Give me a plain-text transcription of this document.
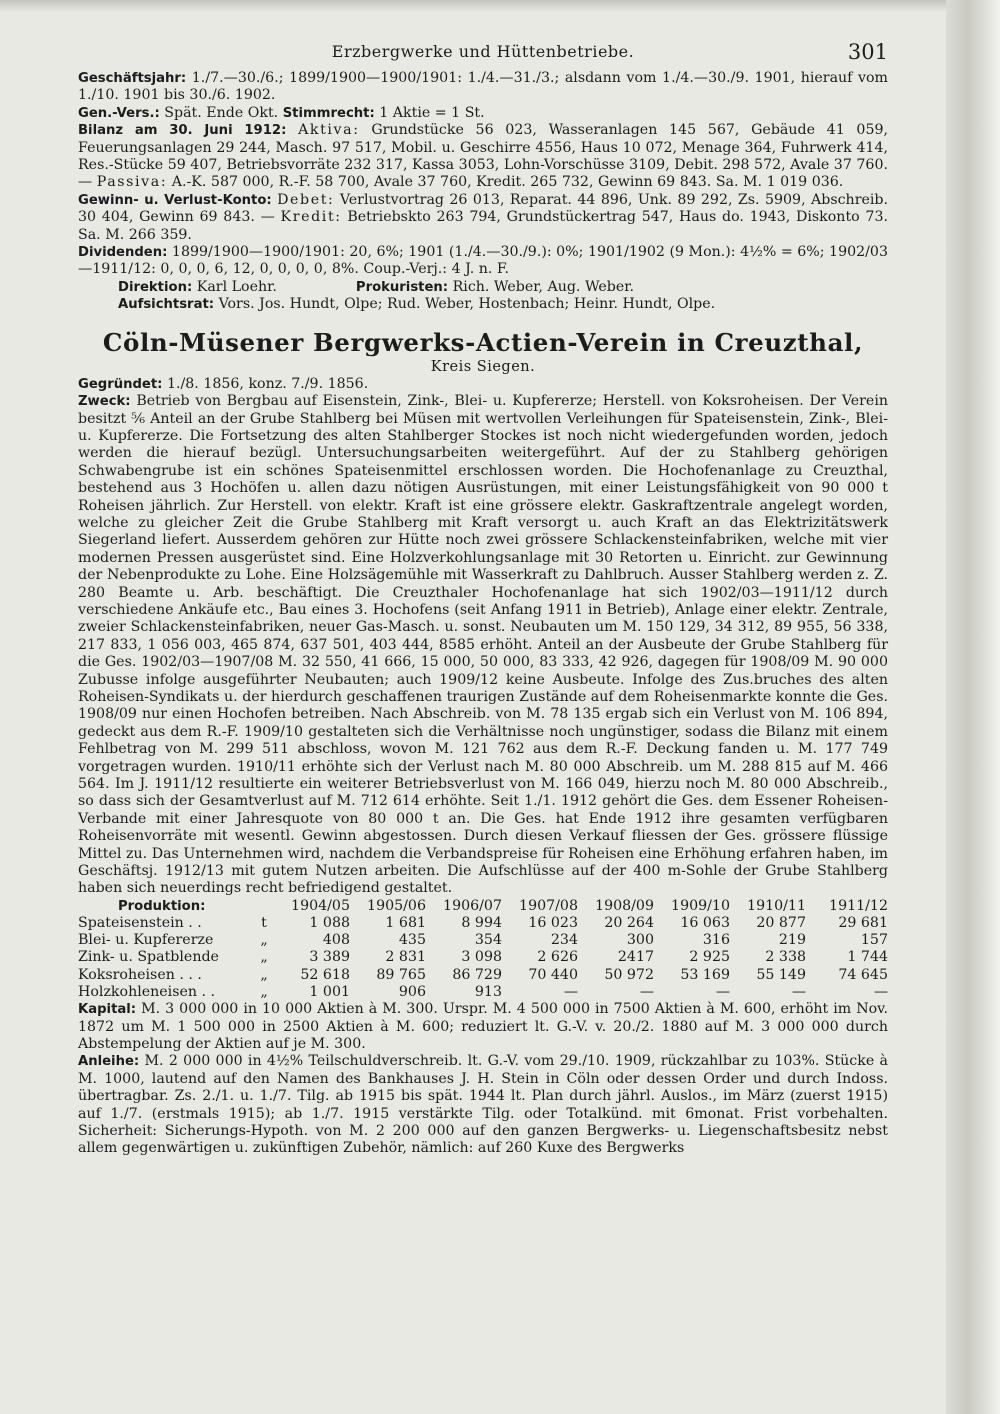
Erzbergwerke und Hüttenbetriebe.	301

Geschäftsjahr: 1./7.—30./6.; 1899/1900—1900/1901: 1./4.—31./3.; alsdann vom 1./4.—30./9. 1901, hierauf vom 1./10. 1901 bis 30./6. 1902.

Gen.-Vers.: Spät. Ende Okt. Stimmrecht: 1 Aktie = 1 St.

Bilanz am 30. Juni 1912: Aktiva: Grundstücke 56 023, Wasseranlagen 145 567, Gebäude 41 059, Feuerungsanlagen 29 244, Masch. 97 517, Mobil. u. Geschirre 4556, Haus 10 072, Menage 364, Fuhrwerk 414, Res.-Stücke 59 407, Betriebsvorräte 232 317, Kassa 3053, Lohn-Vorschüsse 3109, Debit. 298 572, Avale 37 760. — Passiva: A.-K. 587 000, R.-F. 58 700, Avale 37 760, Kredit. 265 732, Gewinn 69 843. Sa. M. 1 019 036.

Gewinn- u. Verlust-Konto: Debet: Verlustvortrag 26 013, Reparat. 44 896, Unk. 89 292, Zs. 5909, Abschreib. 30 404, Gewinn 69 843. — Kredit: Betriebskto 263 794, Grundstückertrag 547, Haus do. 1943, Diskonto 73. Sa. M. 266 359.

Dividenden: 1899/1900—1900/1901: 20, 6%; 1901 (1./4.—30./9.): 0%; 1901/1902 (9 Mon.): 4½% = 6%; 1902/03—1911/12: 0, 0, 0, 6, 12, 0, 0, 0, 0, 8%. Coup.-Verj.: 4 J. n. F.

Direktion: Karl Loehr.	Prokuristen: Rich. Weber, Aug. Weber.

Aufsichtsrat: Vors. Jos. Hundt, Olpe; Rud. Weber, Hostenbach; Heinr. Hundt, Olpe.

Cöln-Müsener Bergwerks-Actien-Verein in Creuzthal,
Kreis Siegen.

Gegründet: 1./8. 1856, konz. 7./9. 1856.

Zweck: Betrieb von Bergbau auf Eisenstein, Zink-, Blei- u. Kupfererze; Herstell. von Koksroheisen. Der Verein besitzt ⁵⁄₆ Anteil an der Grube Stahlberg bei Müsen mit wertvollen Verleihungen für Spateisenstein, Zink-, Blei- u. Kupfererze. Die Fortsetzung des alten Stahlberger Stockes ist noch nicht wiedergefunden worden, jedoch werden die hierauf bezügl. Untersuchungsarbeiten weitergeführt. Auf der zu Stahlberg gehörigen Schwabengrube ist ein schönes Spateisenmittel erschlossen worden. Die Hochofenanlage zu Creuzthal, bestehend aus 3 Hochöfen u. allen dazu nötigen Ausrüstungen, mit einer Leistungsfähigkeit von 90 000 t Roheisen jährlich. Zur Herstell. von elektr. Kraft ist eine grössere elektr. Gaskraftzentrale angelegt worden, welche zu gleicher Zeit die Grube Stahlberg mit Kraft versorgt u. auch Kraft an das Elektrizitätswerk Siegerland liefert. Ausserdem gehören zur Hütte noch zwei grössere Schlackensteinfabriken, welche mit vier modernen Pressen ausgerüstet sind. Eine Holzverkohlungsanlage mit 30 Retorten u. Einricht. zur Gewinnung der Nebenprodukte zu Lohe. Eine Holzsägemühle mit Wasserkraft zu Dahlbruch. Ausser Stahlberg werden z. Z. 280 Beamte u. Arb. beschäftigt. Die Creuzthaler Hochofenanlage hat sich 1902/03—1911/12 durch verschiedene Ankäufe etc., Bau eines 3. Hochofens (seit Anfang 1911 in Betrieb), Anlage einer elektr. Zentrale, zweier Schlackensteinfabriken, neuer Gas-Masch. u. sonst. Neubauten um M. 150 129, 34 312, 89 955, 56 338, 217 833, 1 056 003, 465 874, 637 501, 403 444, 8585 erhöht. Anteil an der Ausbeute der Grube Stahlberg für die Ges. 1902/03—1907/08 M. 32 550, 41 666, 15 000, 50 000, 83 333, 42 926, dagegen für 1908/09 M. 90 000 Zubusse infolge ausgeführter Neubauten; auch 1909/12 keine Ausbeute. Infolge des Zus.bruches des alten Roheisen-Syndikats u. der hierdurch geschaffenen traurigen Zustände auf dem Roheisenmarkte konnte die Ges. 1908/09 nur einen Hochofen betreiben. Nach Abschreib. von M. 78 135 ergab sich ein Verlust von M. 106 894, gedeckt aus dem R.-F. 1909/10 gestalteten sich die Verhältnisse noch ungünstiger, sodass die Bilanz mit einem Fehlbetrag von M. 299 511 abschloss, wovon M. 121 762 aus dem R.-F. Deckung fanden u. M. 177 749 vorgetragen wurden. 1910/11 erhöhte sich der Verlust nach M. 80 000 Abschreib. um M. 288 815 auf M. 466 564. Im J. 1911/12 resultierte ein weiterer Betriebsverlust von M. 166 049, hierzu noch M. 80 000 Abschreib., so dass sich der Gesamtverlust auf M. 712 614 erhöhte. Seit 1./1. 1912 gehört die Ges. dem Essener Roheisen-Verbande mit einer Jahresquote von 80 000 t an. Die Ges. hat Ende 1912 ihre gesamten verfügbaren Roheisenvorräte mit wesentl. Gewinn abgestossen. Durch diesen Verkauf fliessen der Ges. grössere flüssige Mittel zu. Das Unternehmen wird, nachdem die Verbandspreise für Roheisen eine Erhöhung erfahren haben, im Geschäftsj. 1912/13 mit gutem Nutzen arbeiten. Die Aufschlüsse auf der 400 m-Sohle der Grube Stahlberg haben sich neuerdings recht befriedigend gestaltet.

Produktion:		1904/05	1905/06	1906/07	1907/08	1908/09	1909/10	1910/11	1911/12
Spateisenstein . .	t	1 088	1 681	8 994	16 023	20 264	16 063	20 877	29 681
Blei- u. Kupfererze	„	408	435	354	234	300	316	219	157
Zink- u. Spatblende	„	3 389	2 831	3 098	2 626	2417	2 925	2 338	1 744
Koksroheisen . . .	„	52 618	89 765	86 729	70 440	50 972	53 169	55 149	74 645
Holzkohleneisen . .	„	1 001	906	913	—	—	—	—	—

Kapital: M. 3 000 000 in 10 000 Aktien à M. 300. Urspr. M. 4 500 000 in 7500 Aktien à M. 600, erhöht im Nov. 1872 um M. 1 500 000 in 2500 Aktien à M. 600; reduziert lt. G.-V. v. 20./2. 1880 auf M. 3 000 000 durch Abstempelung der Aktien auf je M. 300.

Anleihe: M. 2 000 000 in 4½% Teilschuldverschreib. lt. G.-V. vom 29./10. 1909, rückzahlbar zu 103%. Stücke à M. 1000, lautend auf den Namen des Bankhauses J. H. Stein in Cöln oder dessen Order und durch Indoss. übertragbar. Zs. 2./1. u. 1./7. Tilg. ab 1915 bis spät. 1944 lt. Plan durch jährl. Auslos., im März (zuerst 1915) auf 1./7. (erstmals 1915); ab 1./7. 1915 verstärkte Tilg. oder Totalkünd. mit 6monat. Frist vorbehalten. Sicherheit: Sicherungs-Hypoth. von M. 2 200 000 auf den ganzen Bergwerks- u. Liegenschaftsbesitz nebst allem gegenwärtigen u. zukünftigen Zubehör, nämlich: auf 260 Kuxe des Bergwerks
